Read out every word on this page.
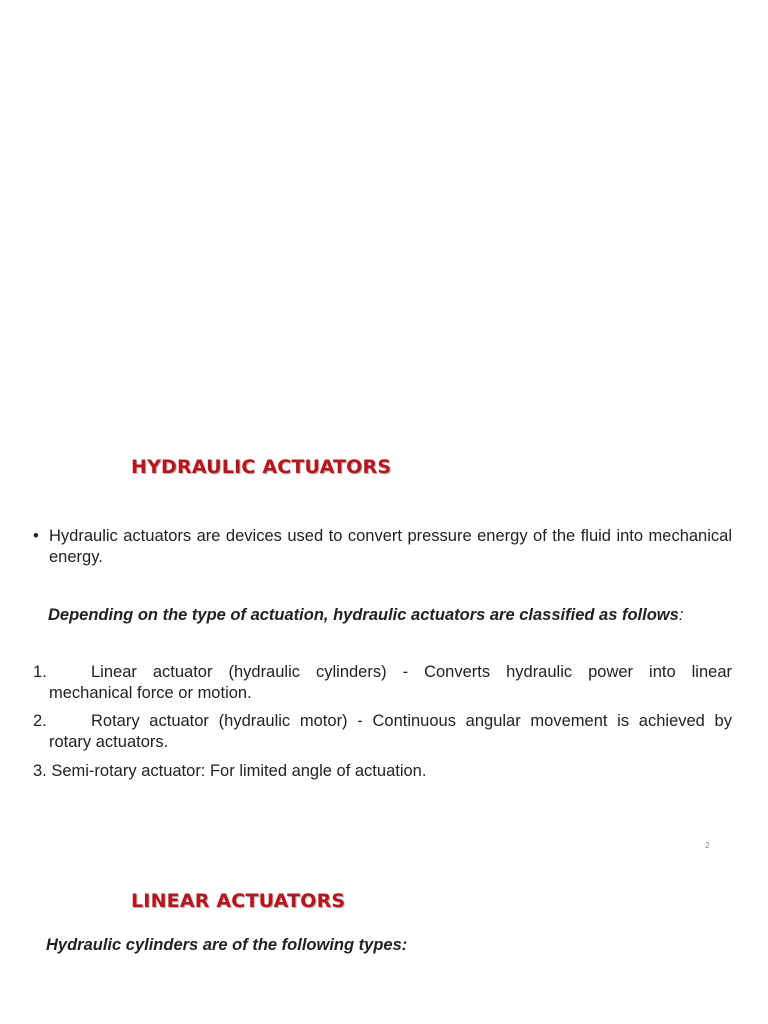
HYDRAULIC ACTUATORS
• Hydraulic actuators are devices used to convert pressure energy of the fluid into mechanical energy.

Depending on the type of actuation, hydraulic actuators are classified as follows:

1.	Linear actuator (hydraulic cylinders) - Converts hydraulic power into linear
mechanical force or motion.
2.	Rotary actuator (hydraulic motor) - Continuous angular movement is achieved by
rotary actuators.

3. Semi-rotary actuator: For limited angle of actuation.

2
LINEAR ACTUATORS

Hydraulic cylinders are of the following types:
